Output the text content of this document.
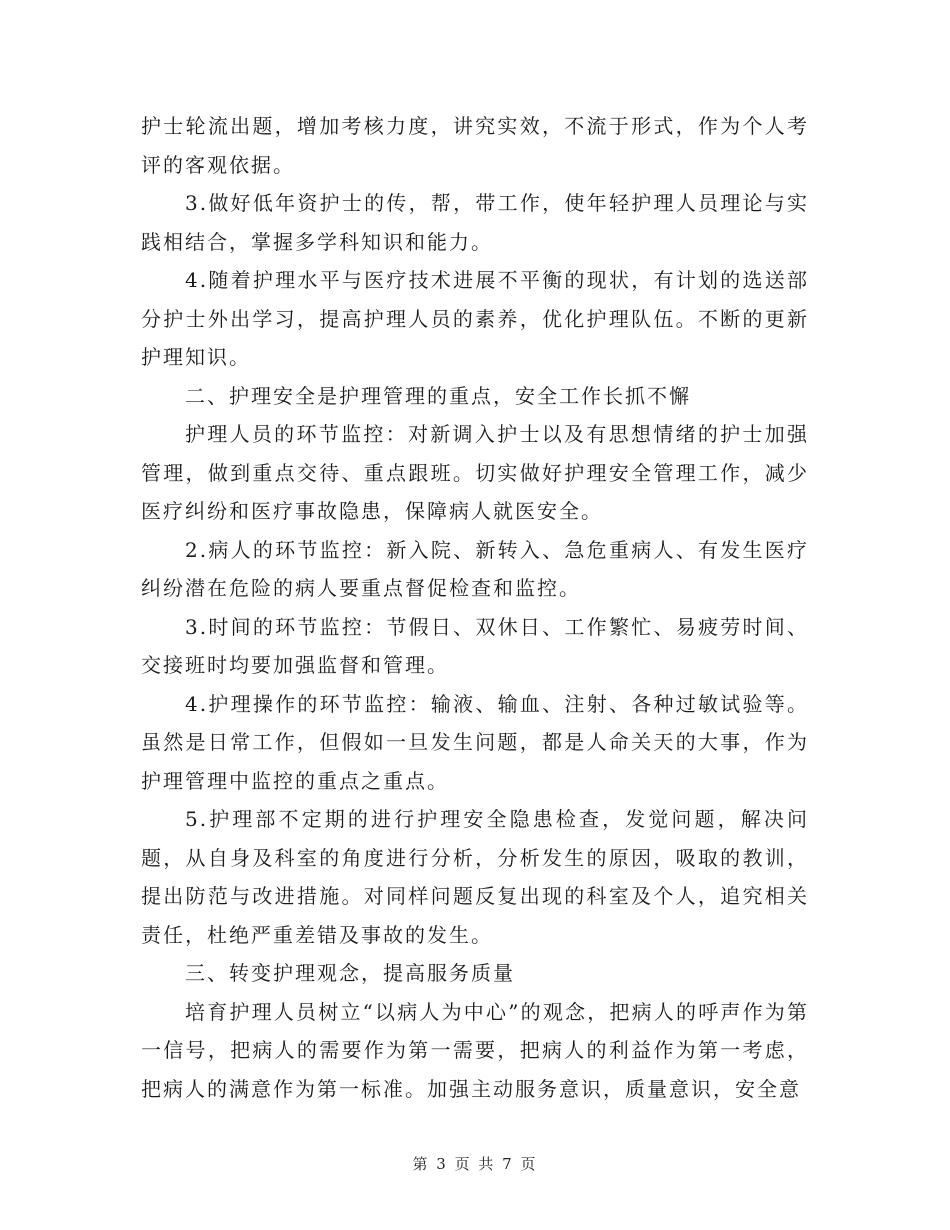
护士轮流出题，增加考核力度，讲究实效，不流于形式，作为个人考评的客观依据。

3.做好低年资护士的传，帮，带工作，使年轻护理人员理论与实践相结合，掌握多学科知识和能力。

4.随着护理水平与医疗技术进展不平衡的现状，有计划的选送部分护士外出学习，提高护理人员的素养，优化护理队伍。不断的更新护理知识。

二、护理安全是护理管理的重点，安全工作长抓不懈

护理人员的环节监控：对新调入护士以及有思想情绪的护士加强管理，做到重点交待、重点跟班。切实做好护理安全管理工作，减少医疗纠纷和医疗事故隐患，保障病人就医安全。

2.病人的环节监控：新入院、新转入、急危重病人、有发生医疗纠纷潜在危险的病人要重点督促检查和监控。

3.时间的环节监控：节假日、双休日、工作繁忙、易疲劳时间、交接班时均要加强监督和管理。

4.护理操作的环节监控：输液、输血、注射、各种过敏试验等。虽然是日常工作，但假如一旦发生问题，都是人命关天的大事，作为护理管理中监控的重点之重点。

5.护理部不定期的进行护理安全隐患检查，发觉问题，解决问题，从自身及科室的角度进行分析，分析发生的原因，吸取的教训，提出防范与改进措施。对同样问题反复出现的科室及个人，追究相关责任，杜绝严重差错及事故的发生。

三、转变护理观念，提高服务质量

培育护理人员树立“以病人为中心”的观念，把病人的呼声作为第一信号，把病人的需要作为第一需要，把病人的利益作为第一考虑，把病人的满意作为第一标准。加强主动服务意识，质量意识，安全意

第 3 页 共 7 页
